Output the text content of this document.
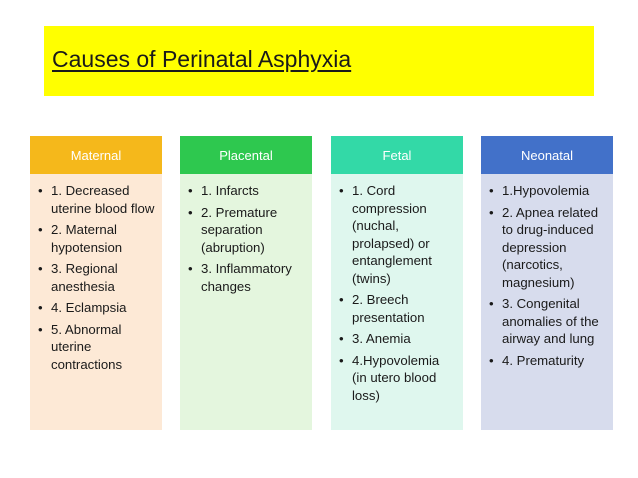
Causes of Perinatal Asphyxia
Maternal
• 1. Decreased uterine blood flow
• 2. Maternal hypotension
• 3. Regional anesthesia
• 4. Eclampsia
• 5. Abnormal uterine contractions
Placental
• 1. Infarcts
• 2. Premature separation (abruption)
• 3. Inflammatory changes
Fetal
• 1. Cord compression (nuchal, prolapsed) or entanglement (twins)
• 2. Breech presentation
• 3. Anemia
• 4.Hypovolemia (in utero blood loss)
Neonatal
• 1.Hypovolemia
• 2. Apnea related to drug-induced depression (narcotics, magnesium)
• 3. Congenital anomalies of the airway and lung
• 4. Prematurity
